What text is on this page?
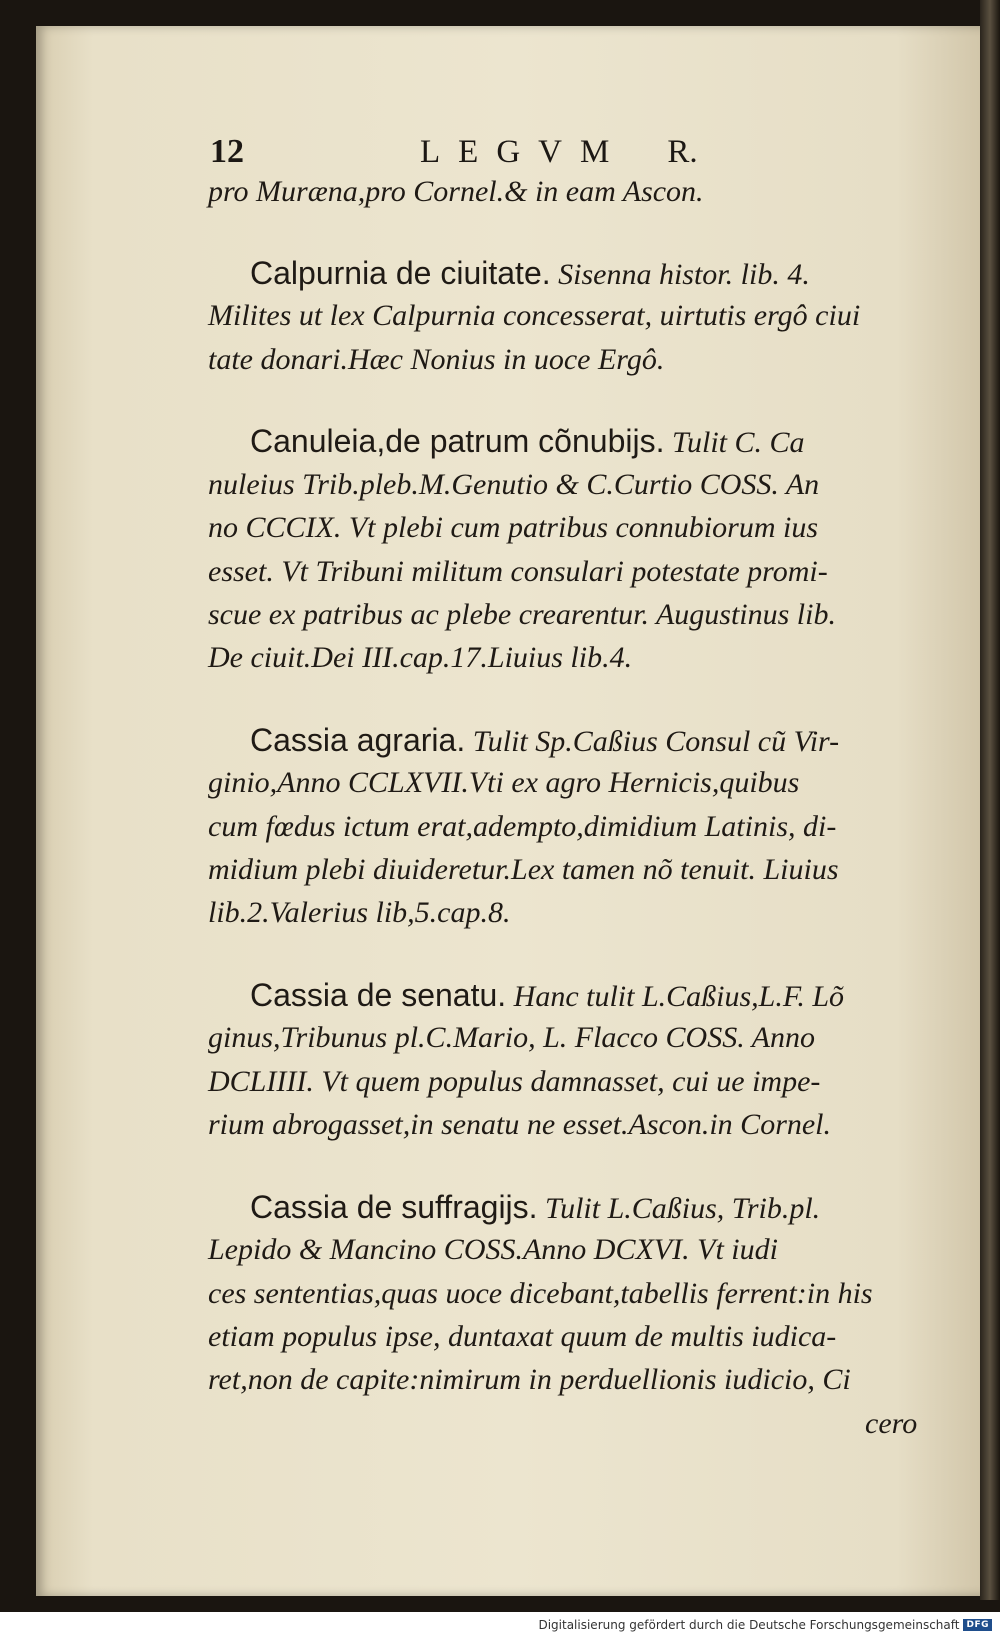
12	LEGVM R.
pro Muræna,pro Cornel.& in eam Ascon.
Calpurnia de ciuitate. Sisenna histor. lib. 4.
Milites ut lex Calpurnia concesserat, uirtutis ergô ciui
tate donari.Hæc Nonius in uoce Ergô.
Canuleia,de patrum cõnubijs. Tulit C. Ca
nuleius Trib.pleb.M.Genutio & C.Curtio COSS. An
no CCCIX. Vt plebi cum patribus connubiorum ius
esset. Vt Tribuni militum consulari potestate promi-
scue ex patribus ac plebe crearentur. Augustinus lib.
De ciuit.Dei III.cap.17.Liuius lib.4.
Cassia agraria. Tulit Sp.Caßius Consul cũ Vir-
ginio,Anno CCLXVII.Vti ex agro Hernicis,quibus
cum fœdus ictum erat,adempto,dimidium Latinis, di-
midium plebi diuideretur.Lex tamen nõ tenuit. Liuius
lib.2.Valerius lib,5.cap.8.
Cassia de senatu. Hanc tulit L.Caßius,L.F. Lõ
ginus,Tribunus pl.C.Mario, L. Flacco COSS. Anno
DCLIIII. Vt quem populus damnasset, cui ue impe-
rium abrogasset,in senatu ne esset.Ascon.in Cornel.
Cassia de suffragijs. Tulit L.Caßius, Trib.pl.
Lepido & Mancino COSS.Anno DCXVI. Vt iudi
ces sententias,quas uoce dicebant,tabellis ferrent:in his
etiam populus ipse, duntaxat quum de multis iudica-
ret,non de capite:nimirum in perduellionis iudicio, Ci
cero
Digitalisierung gefördert durch die Deutsche Forschungsgemeinschaft DFG
